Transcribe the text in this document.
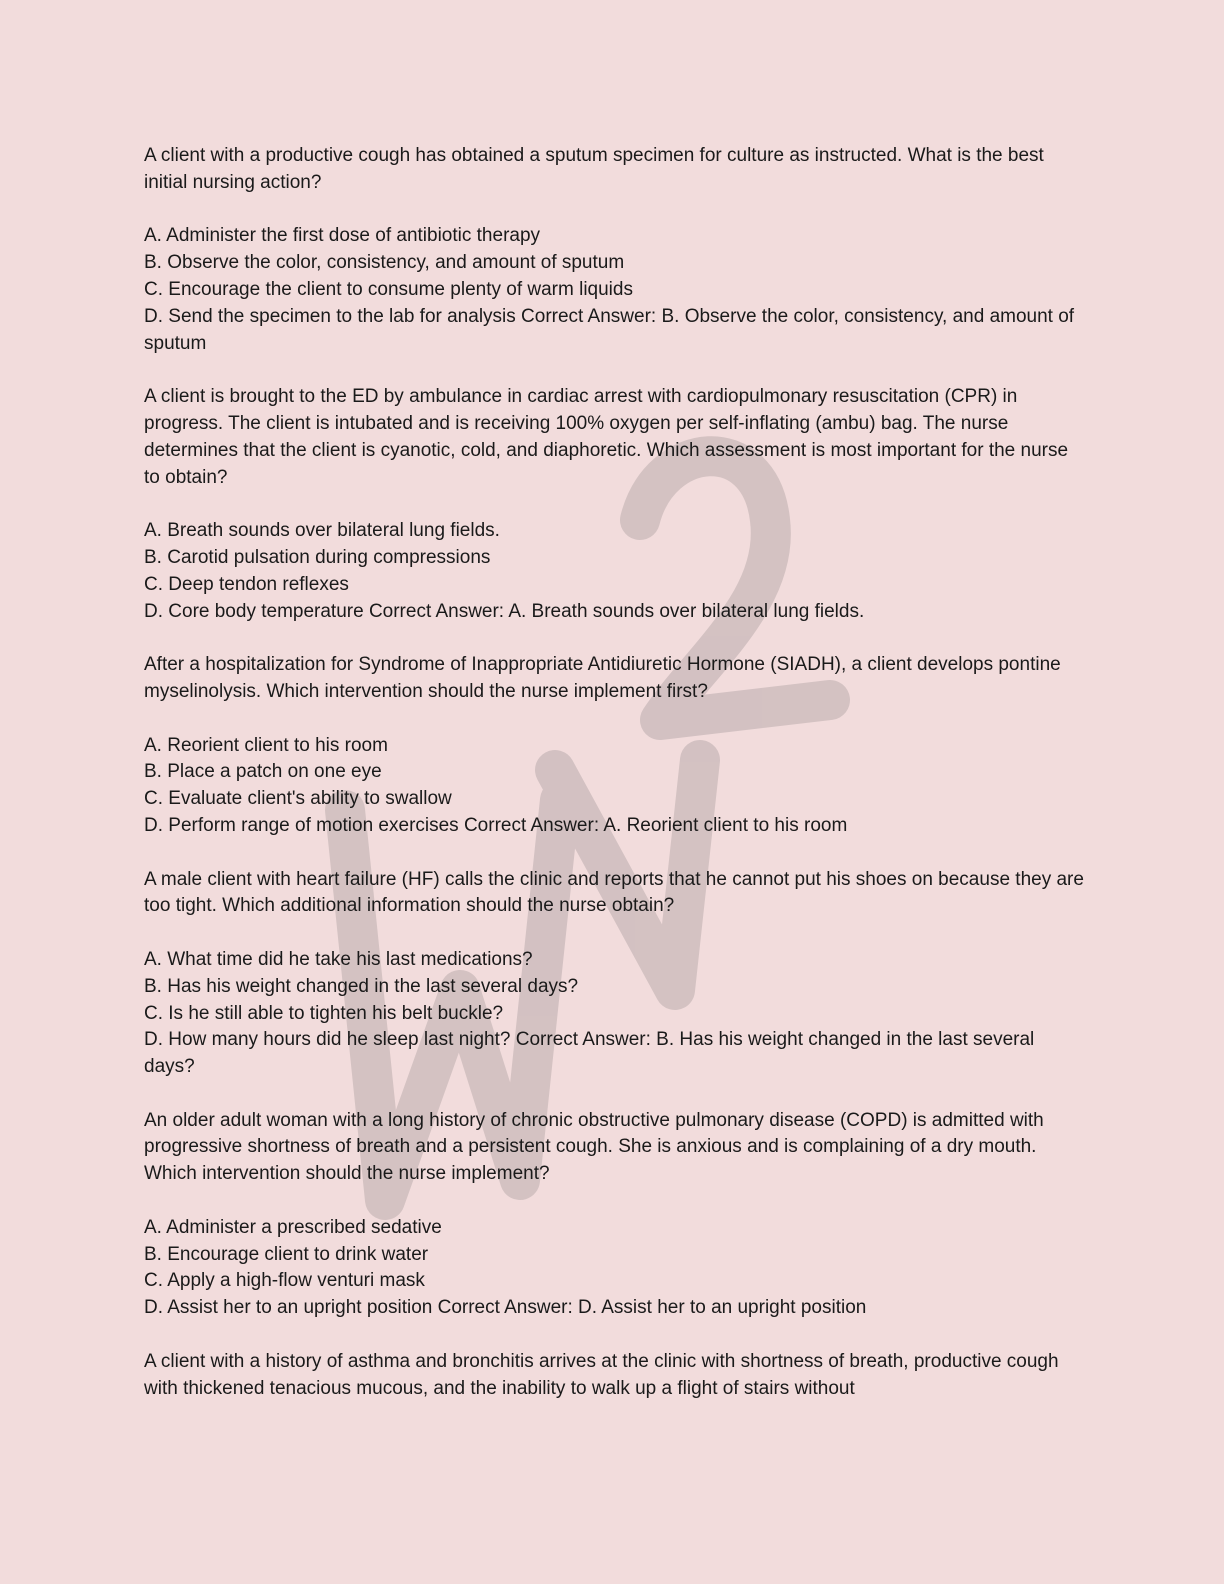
A client with a productive cough has obtained a sputum specimen for culture as instructed. What is the best initial nursing action?

A. Administer the first dose of antibiotic therapy
B. Observe the color, consistency, and amount of sputum
C. Encourage the client to consume plenty of warm liquids
D. Send the specimen to the lab for analysis Correct Answer: B. Observe the color, consistency, and amount of sputum

A client is brought to the ED by ambulance in cardiac arrest with cardiopulmonary resuscitation (CPR) in progress. The client is intubated and is receiving 100% oxygen per self-inflating (ambu) bag. The nurse determines that the client is cyanotic, cold, and diaphoretic. Which assessment is most important for the nurse to obtain?

A. Breath sounds over bilateral lung fields.
B. Carotid pulsation during compressions
C. Deep tendon reflexes
D. Core body temperature Correct Answer: A. Breath sounds over bilateral lung fields.

After a hospitalization for Syndrome of Inappropriate Antidiuretic Hormone (SIADH), a client develops pontine myselinolysis. Which intervention should the nurse implement first?

A. Reorient client to his room
B. Place a patch on one eye
C. Evaluate client's ability to swallow
D. Perform range of motion exercises Correct Answer: A. Reorient client to his room

A male client with heart failure (HF) calls the clinic and reports that he cannot put his shoes on because they are too tight. Which additional information should the nurse obtain?

A. What time did he take his last medications?
B. Has his weight changed in the last several days?
C. Is he still able to tighten his belt buckle?
D. How many hours did he sleep last night? Correct Answer: B. Has his weight changed in the last several days?

An older adult woman with a long history of chronic obstructive pulmonary disease (COPD) is admitted with progressive shortness of breath and a persistent cough. She is anxious and is complaining of a dry mouth. Which intervention should the nurse implement?

A. Administer a prescribed sedative
B. Encourage client to drink water
C. Apply a high-flow venturi mask
D. Assist her to an upright position Correct Answer: D. Assist her to an upright position

A client with a history of asthma and bronchitis arrives at the clinic with shortness of breath, productive cough with thickened tenacious mucous, and the inability to walk up a flight of stairs without
